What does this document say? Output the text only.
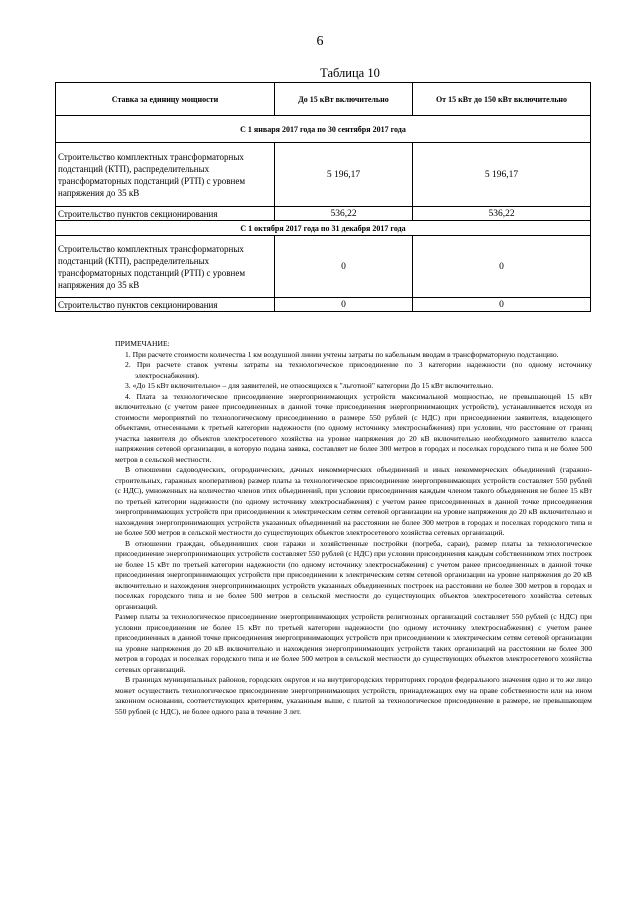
6
Таблица 10
Ставка за единицу мощности	До 15 кВт включительно	От 15 кВт до 150 кВт включительно
С 1 января 2017 года по 30 сентября 2017 года		
Строительство комплектных трансформаторных подстанций (КТП), распределительных трансформаторных подстанций (РТП) с уровнем напряжения до 35 кВ	5 196,17	5 196,17
Строительство пунктов секционирования	536,22	536,22
С 1 октября 2017 года по 31 декабря 2017 года		
Строительство комплектных трансформаторных подстанций (КТП), распределительных трансформаторных подстанций (РТП) с уровнем напряжения до 35 кВ	0	0
Строительство пунктов секционирования	0	0

ПРИМЕЧАНИЕ:

1. При расчете стоимости количества 1 км воздушной линии учтены затраты по кабельным вводам в трансформаторную подстанцию.

2. При расчете ставок учтены затраты на технологическое присоединение по 3 категории надежности (по одному источнику электроснабжения).

3. «До 15 кВт включительно» – для заявителей, не относящихся к "льготной" категории До 15 кВт включительно.

4. Плата за технологическое присоединение энергопринимающих устройств максимальной мощностью, не превышающей 15 кВт включительно (с учетом ранее присоединенных в данной точке присоединения энергопринимающих устройств), устанавливается исходя из стоимости мероприятий по технологическому присоединению в размере 550 рублей (с НДС) при присоединении заявителя, владеющего объектами, отнесенными к третьей категории надежности (по одному источнику электроснабжения) при условии, что расстояние от границ участка заявителя до объектов электросетевого хозяйства на уровне напряжения до 20 кВ включительно необходимого заявителю класса напряжения сетевой организации, в которую подана заявка, составляет не более 300 метров в городах и поселках городского типа и не более 500 метров в сельской местности.

В отношении садоводческих, огороднических, дачных некоммерческих объединений и иных некоммерческих объединений (гаражно-строительных, гаражных кооперативов) размер платы за технологическое присоединение энергопринимающих устройств составляет 550 рублей (с НДС), умноженных на количество членов этих объединений, при условии присоединения каждым членом такого объединения не более 15 кВт по третьей категории надежности (по одному источнику электроснабжения) с учетом ранее присоединенных в данной точке присоединения энергопринимающих устройств при присоединении к электрическим сетям сетевой организации на уровне напряжения до 20 кВ включительно и нахождения энергопринимающих устройств указанных объединений на расстоянии не более 300 метров в городах и поселках городского типа и не более 500 метров в сельской местности до существующих объектов электросетевого хозяйства сетевых организаций.

В отношении граждан, объединивших свои гаражи и хозяйственные постройки (погреба, сараи), размер платы за технологическое присоединение энергопринимающих устройств составляет 550 рублей (с НДС) при условии присоединения каждым собственником этих построек не более 15 кВт по третьей категории надежности (по одному источнику электроснабжения) с учетом ранее присоединенных в данной точке присоединения энергопринимающих устройств при присоединении к электрическим сетям сетевой организации на уровне напряжения до 20 кВ включительно и нахождения энергопринимающих устройств указанных объединенных построек на расстоянии не более 300 метров в городах и поселках городского типа и не более 500 метров в сельской местности до существующих объектов электросетевого хозяйства сетевых организаций.

Размер платы за технологическое присоединение энергопринимающих устройств религиозных организаций составляет 550 рублей (с НДС) при условии присоединения не более 15 кВт по третьей категории надежности (по одному источнику электроснабжения) с учетом ранее присоединенных в данной точке присоединения энергопринимающих устройств при присоединении к электрическим сетям сетевой организации на уровне напряжения до 20 кВ включительно и нахождения энергопринимающих устройств таких организаций на расстоянии не более 300 метров в городах и поселках городского типа и не более 500 метров в сельской местности до существующих объектов электросетевого хозяйства сетевых организаций.

В границах муниципальных районов, городских округов и на внутригородских территориях городов федерального значения одно и то же лицо может осуществить технологическое присоединение энергопринимающих устройств, принадлежащих ему на праве собственности или на ином законном основании, соответствующих критериям, указанным выше, с платой за технологическое присоединение в размере, не превышающем 550 рублей (с НДС), не более одного раза в течение 3 лет.
